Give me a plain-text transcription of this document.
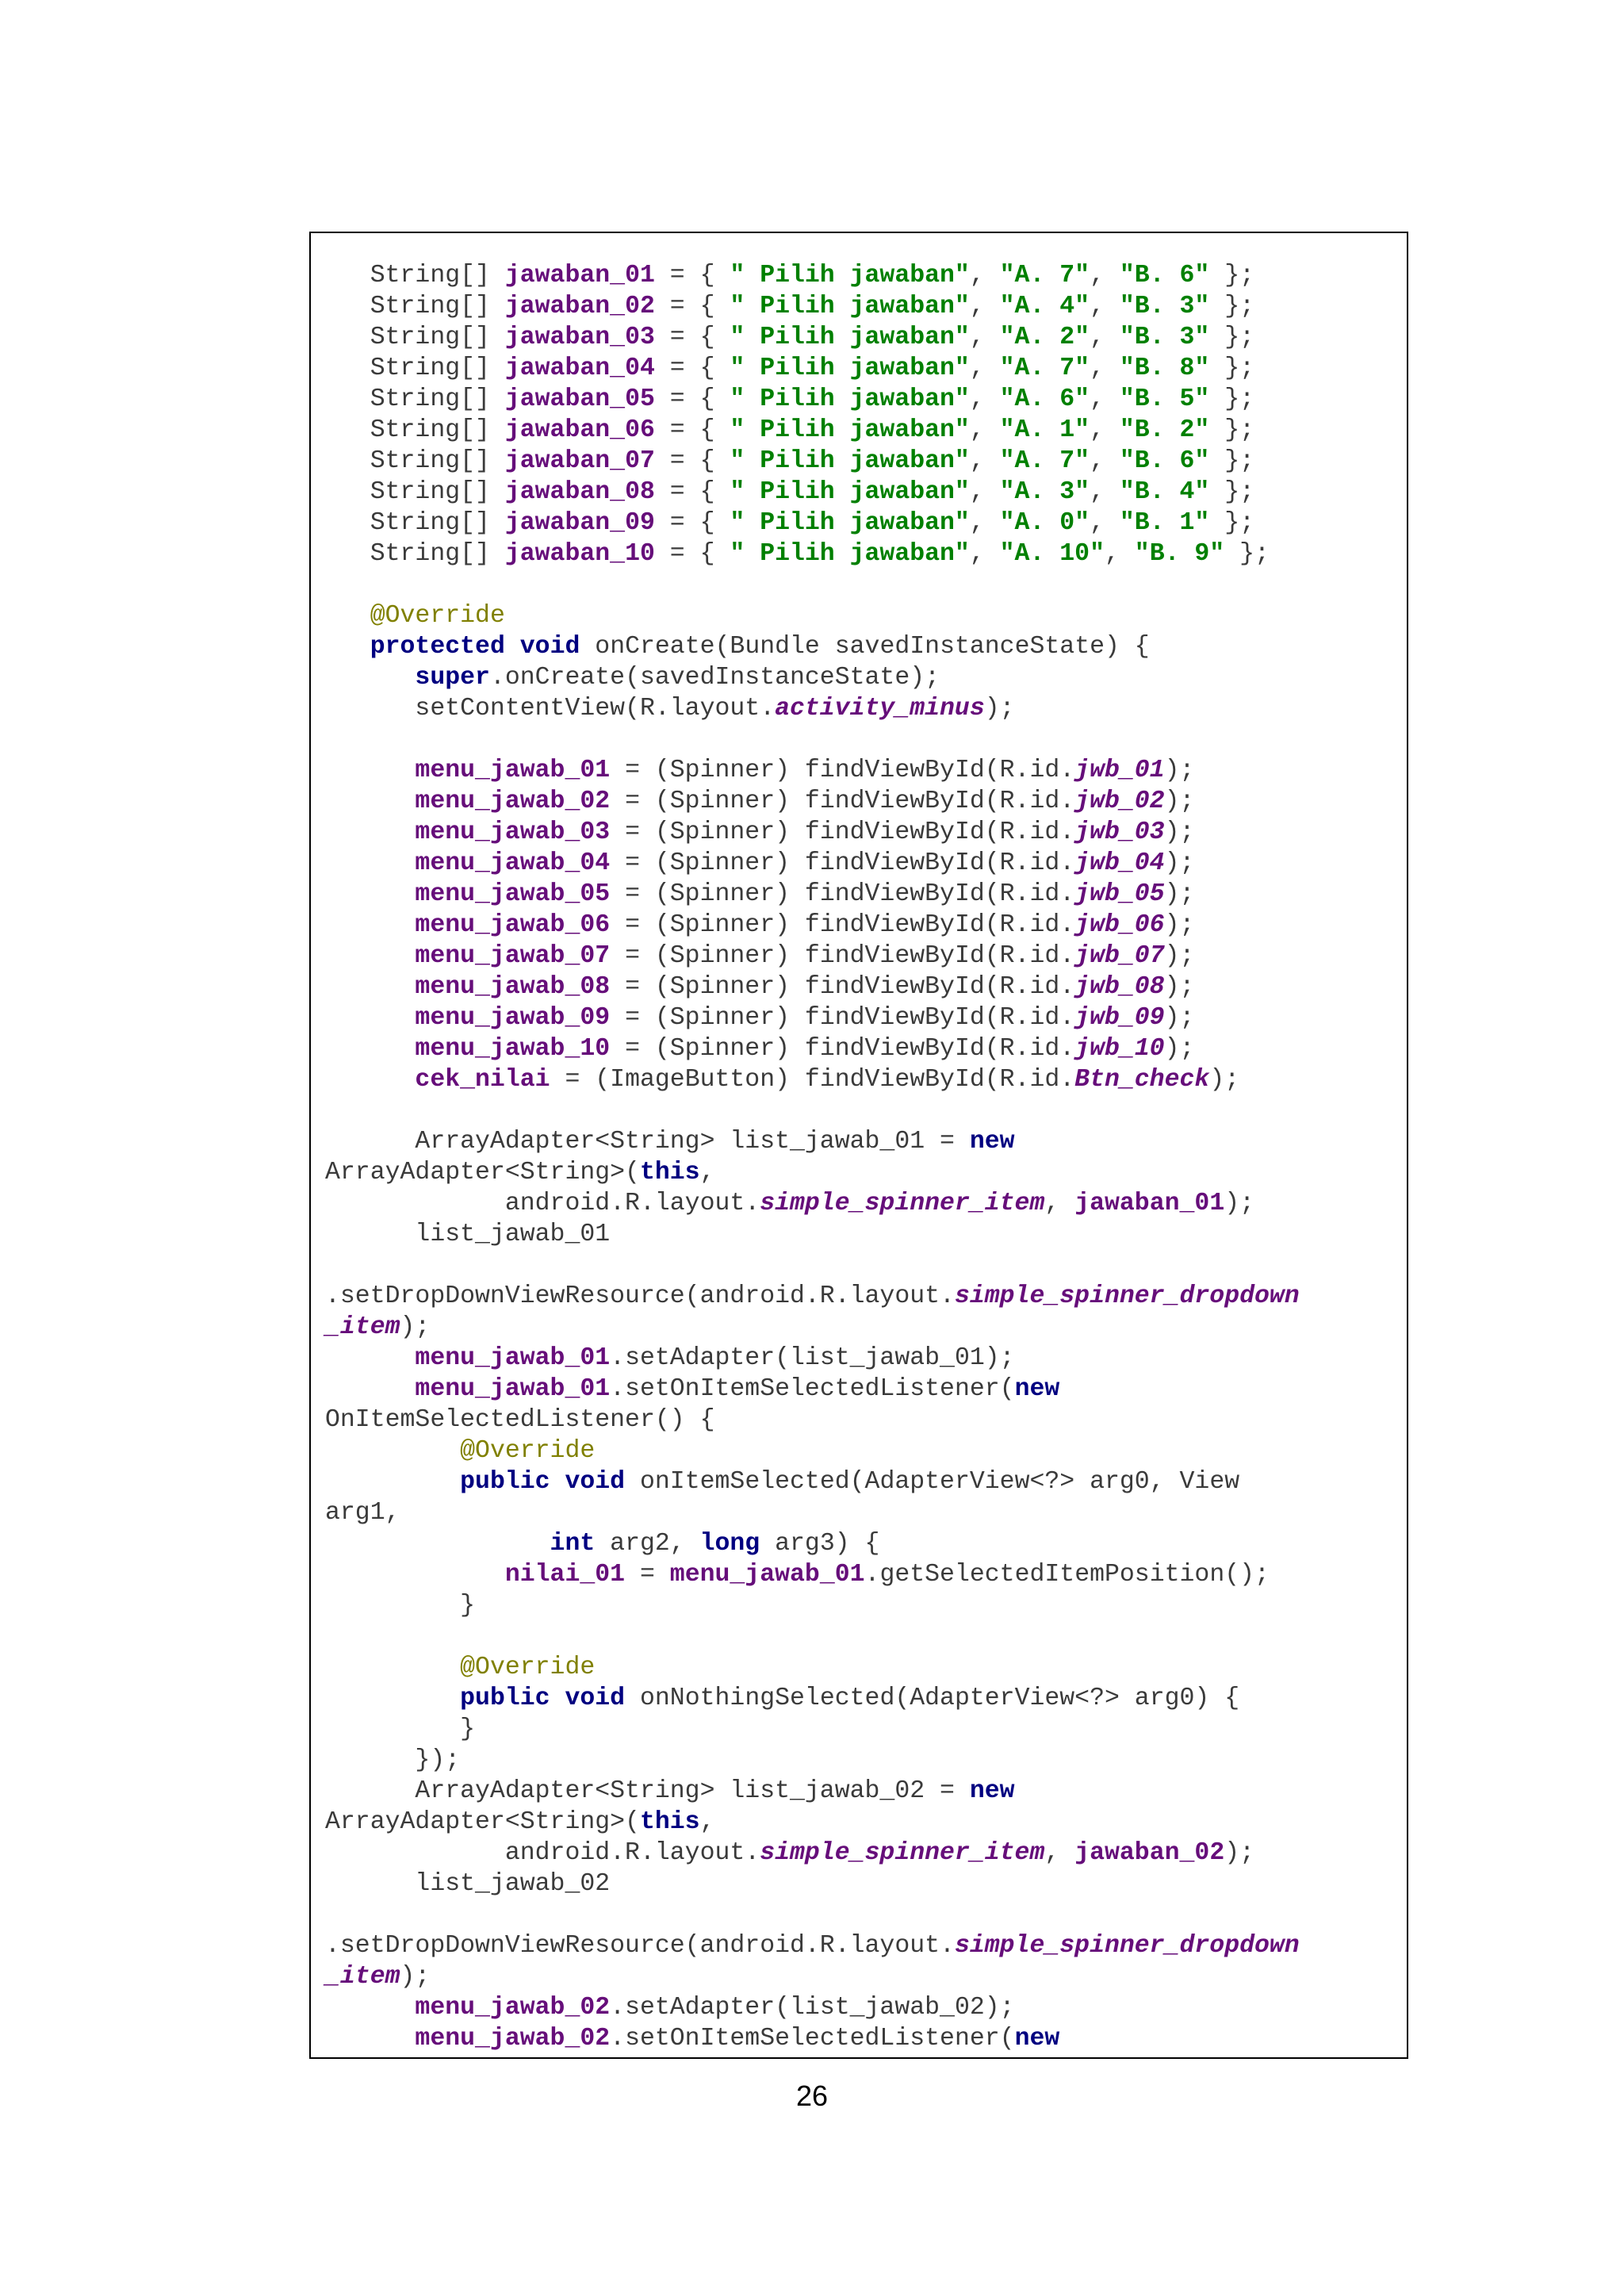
String[] jawaban_01 = { " Pilih jawaban", "A. 7", "B. 6" };
String[] jawaban_02 = { " Pilih jawaban", "A. 4", "B. 3" };
String[] jawaban_03 = { " Pilih jawaban", "A. 2", "B. 3" };
String[] jawaban_04 = { " Pilih jawaban", "A. 7", "B. 8" };
String[] jawaban_05 = { " Pilih jawaban", "A. 6", "B. 5" };
String[] jawaban_06 = { " Pilih jawaban", "A. 1", "B. 2" };
String[] jawaban_07 = { " Pilih jawaban", "A. 7", "B. 6" };
String[] jawaban_08 = { " Pilih jawaban", "A. 3", "B. 4" };
String[] jawaban_09 = { " Pilih jawaban", "A. 0", "B. 1" };
String[] jawaban_10 = { " Pilih jawaban", "A. 10", "B. 9" };

@Override
protected void onCreate(Bundle savedInstanceState) {
super.onCreate(savedInstanceState);
setContentView(R.layout.activity_minus);

menu_jawab_01 = (Spinner) findViewById(R.id.jwb_01);
menu_jawab_02 = (Spinner) findViewById(R.id.jwb_02);
menu_jawab_03 = (Spinner) findViewById(R.id.jwb_03);
menu_jawab_04 = (Spinner) findViewById(R.id.jwb_04);
menu_jawab_05 = (Spinner) findViewById(R.id.jwb_05);
menu_jawab_06 = (Spinner) findViewById(R.id.jwb_06);
menu_jawab_07 = (Spinner) findViewById(R.id.jwb_07);
menu_jawab_08 = (Spinner) findViewById(R.id.jwb_08);
menu_jawab_09 = (Spinner) findViewById(R.id.jwb_09);
menu_jawab_10 = (Spinner) findViewById(R.id.jwb_10);
cek_nilai = (ImageButton) findViewById(R.id.Btn_check);

ArrayAdapter<String> list_jawab_01 = new
ArrayAdapter<String>(this,
android.R.layout.simple_spinner_item, jawaban_01);
list_jawab_01

.setDropDownViewResource(android.R.layout.simple_spinner_dropdown
_item);
menu_jawab_01.setAdapter(list_jawab_01);
menu_jawab_01.setOnItemSelectedListener(new
OnItemSelectedListener() {
@Override
public void onItemSelected(AdapterView<?> arg0, View
arg1,
int arg2, long arg3) {
nilai_01 = menu_jawab_01.getSelectedItemPosition();
}

@Override
public void onNothingSelected(AdapterView<?> arg0) {
}
});
ArrayAdapter<String> list_jawab_02 = new
ArrayAdapter<String>(this,
android.R.layout.simple_spinner_item, jawaban_02);
list_jawab_02

.setDropDownViewResource(android.R.layout.simple_spinner_dropdown
_item);
menu_jawab_02.setAdapter(list_jawab_02);
menu_jawab_02.setOnItemSelectedListener(new
26
